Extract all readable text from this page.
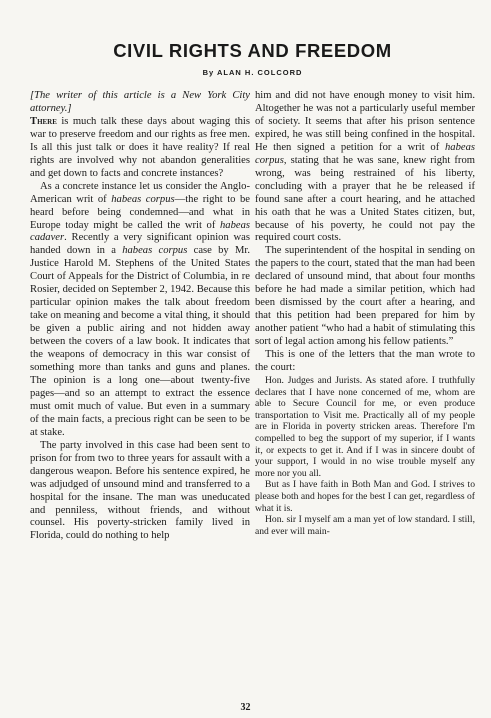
CIVIL RIGHTS AND FREEDOM
By ALAN H. COLCORD

[The writer of this article is a New York City attorney.]

There is much talk these days about waging this war to preserve freedom and our rights as free men. Is all this just talk or does it have reality? If real rights are involved why not abandon generalities and get down to facts and concrete instances?

As a concrete instance let us consider the Anglo-American writ of habeas corpus—the right to be heard before being condemned—and what in Europe today might be called the writ of habeas cadaver. Recently a very significant opinion was handed down in a habeas corpus case by Mr. Justice Harold M. Stephens of the United States Court of Appeals for the District of Columbia, in re Rosier, decided on September 2, 1942. Because this particular opinion makes the talk about freedom take on meaning and become a vital thing, it should be given a public airing and not hidden away between the covers of a law book. It indicates that the weapons of democracy in this war consist of something more than tanks and guns and planes. The opinion is a long one—about twenty-five pages—and so an attempt to extract the essence must omit much of value. But even in a summary of the main facts, a precious right can be seen to be at stake.

The party involved in this case had been sent to prison for from two to three years for assault with a dangerous weapon. Before his sentence expired, he was adjudged of unsound mind and transferred to a hospital for the insane. The man was uneducated and penniless, without friends, and without counsel. His poverty-stricken family lived in Florida, could do nothing to help

him and did not have enough money to visit him. Altogether he was not a particularly useful member of society. It seems that after his prison sentence expired, he was still being confined in the hospital. He then signed a petition for a writ of habeas corpus, stating that he was sane, knew right from wrong, was being restrained of his liberty, concluding with a prayer that he be released if found sane after a court hearing, and he attached his oath that he was a United States citizen, but, because of his poverty, he could not pay the required court costs.

The superintendent of the hospital in sending on the papers to the court, stated that the man had been declared of unsound mind, that about four months before he had made a similar petition, which had been dismissed by the court after a hearing, and that this petition had been prepared for him by another patient “who had a habit of stimulating this sort of legal action among his fellow patients.”

This is one of the letters that the man wrote to the court:

Hon. Judges and Jurists. As stated afore. I truthfully declares that I have none concerned of me, whom are able to Secure Council for me, or even produce transportation to Visit me. Practically all of my people are in Florida in poverty stricken areas. Therefore I'm compelled to beg the support of my superior, if I wants it, or expects to get it. And if I was in sincere doubt of your support, I would in no wise trouble myself any more nor you all.

But as I have faith in Both Man and God. I strives to please both and hopes for the best I can get, regardless of what it is.

Hon. sir I myself am a man yet of low standard. I still, and ever will main-

32
